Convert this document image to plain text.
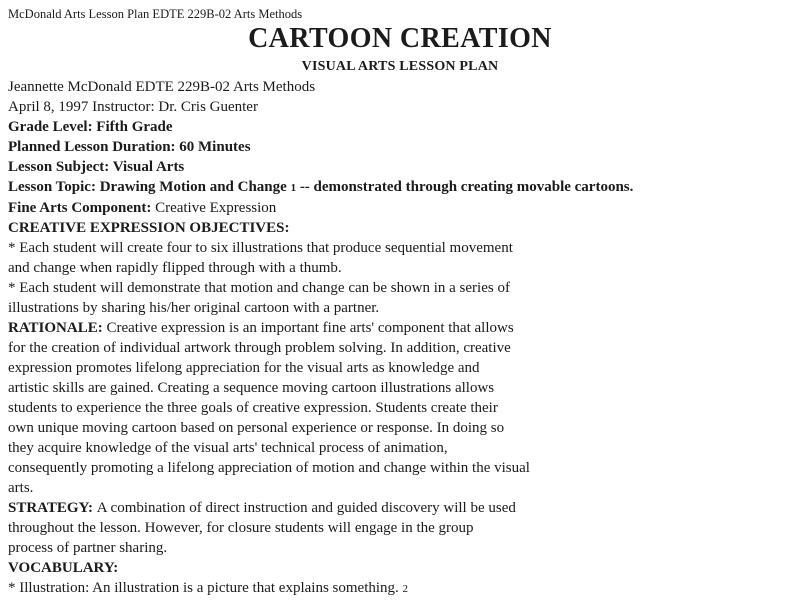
McDonald Arts Lesson Plan EDTE 229B-02 Arts Methods
CARTOON CREATION
VISUAL ARTS LESSON PLAN
Jeannette McDonald EDTE 229B-02 Arts Methods
April 8, 1997 Instructor: Dr. Cris Guenter
Grade Level: Fifth Grade
Planned Lesson Duration: 60 Minutes
Lesson Subject: Visual Arts
Lesson Topic: Drawing Motion and Change 1 -- demonstrated through creating movable cartoons.
Fine Arts Component: Creative Expression
CREATIVE EXPRESSION OBJECTIVES:
* Each student will create four to six illustrations that produce sequential movement
and change when rapidly flipped through with a thumb.
* Each student will demonstrate that motion and change can be shown in a series of
illustrations by sharing his/her original cartoon with a partner.
RATIONALE: Creative expression is an important fine arts' component that allows
for the creation of individual artwork through problem solving. In addition, creative
expression promotes lifelong appreciation for the visual arts as knowledge and
artistic skills are gained. Creating a sequence moving cartoon illustrations allows
students to experience the three goals of creative expression. Students create their
own unique moving cartoon based on personal experience or response. In doing so
they acquire knowledge of the visual arts' technical process of animation,
consequently promoting a lifelong appreciation of motion and change within the visual
arts.
STRATEGY: A combination of direct instruction and guided discovery will be used
throughout the lesson. However, for closure students will engage in the group
process of partner sharing.
VOCABULARY:
* Illustration: An illustration is a picture that explains something. 2
